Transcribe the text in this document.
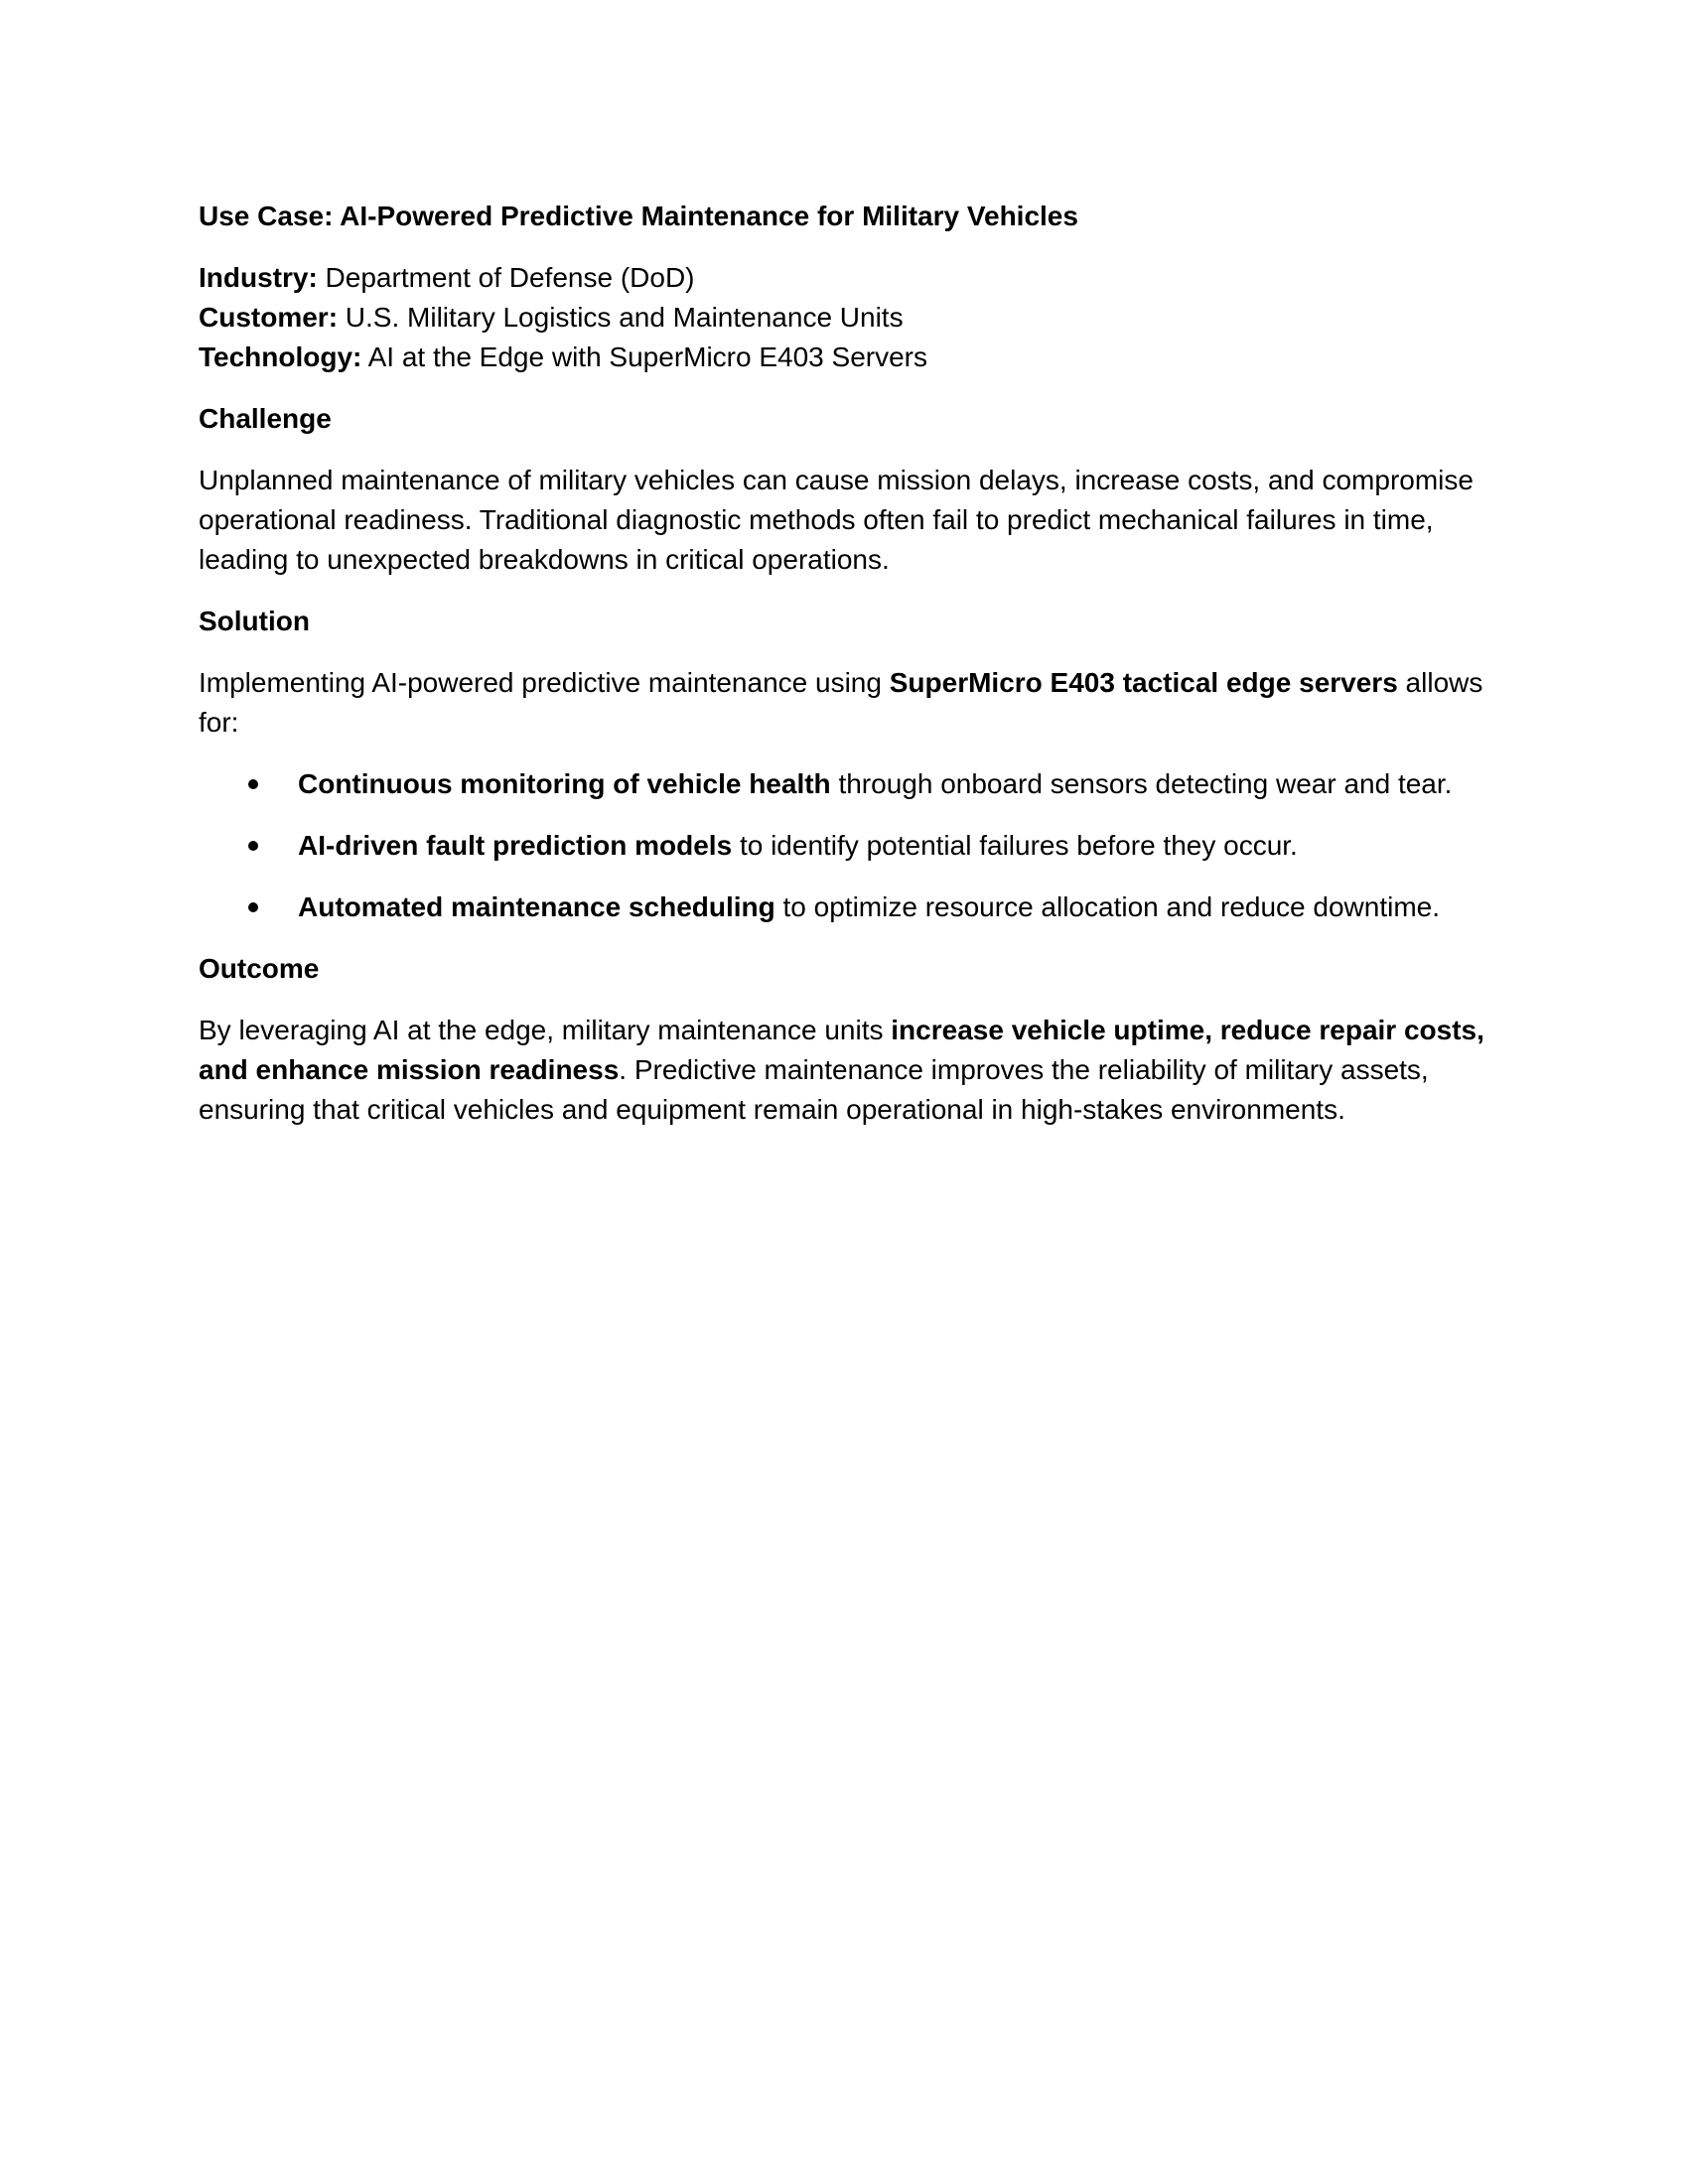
Use Case: AI-Powered Predictive Maintenance for Military Vehicles

Industry: Department of Defense (DoD)

Customer: U.S. Military Logistics and Maintenance Units

Technology: AI at the Edge with SuperMicro E403 Servers

Challenge

Unplanned maintenance of military vehicles can cause mission delays, increase costs, and compromise operational readiness. Traditional diagnostic methods often fail to predict mechanical failures in time, leading to unexpected breakdowns in critical operations.

Solution

Implementing AI-powered predictive maintenance using SuperMicro E403 tactical edge servers allows for:

Continuous monitoring of vehicle health through onboard sensors detecting wear and tear.
AI-driven fault prediction models to identify potential failures before they occur.
Automated maintenance scheduling to optimize resource allocation and reduce downtime.

Outcome

By leveraging AI at the edge, military maintenance units increase vehicle uptime, reduce repair costs, and enhance mission readiness. Predictive maintenance improves the reliability of military assets, ensuring that critical vehicles and equipment remain operational in high-stakes environments.
